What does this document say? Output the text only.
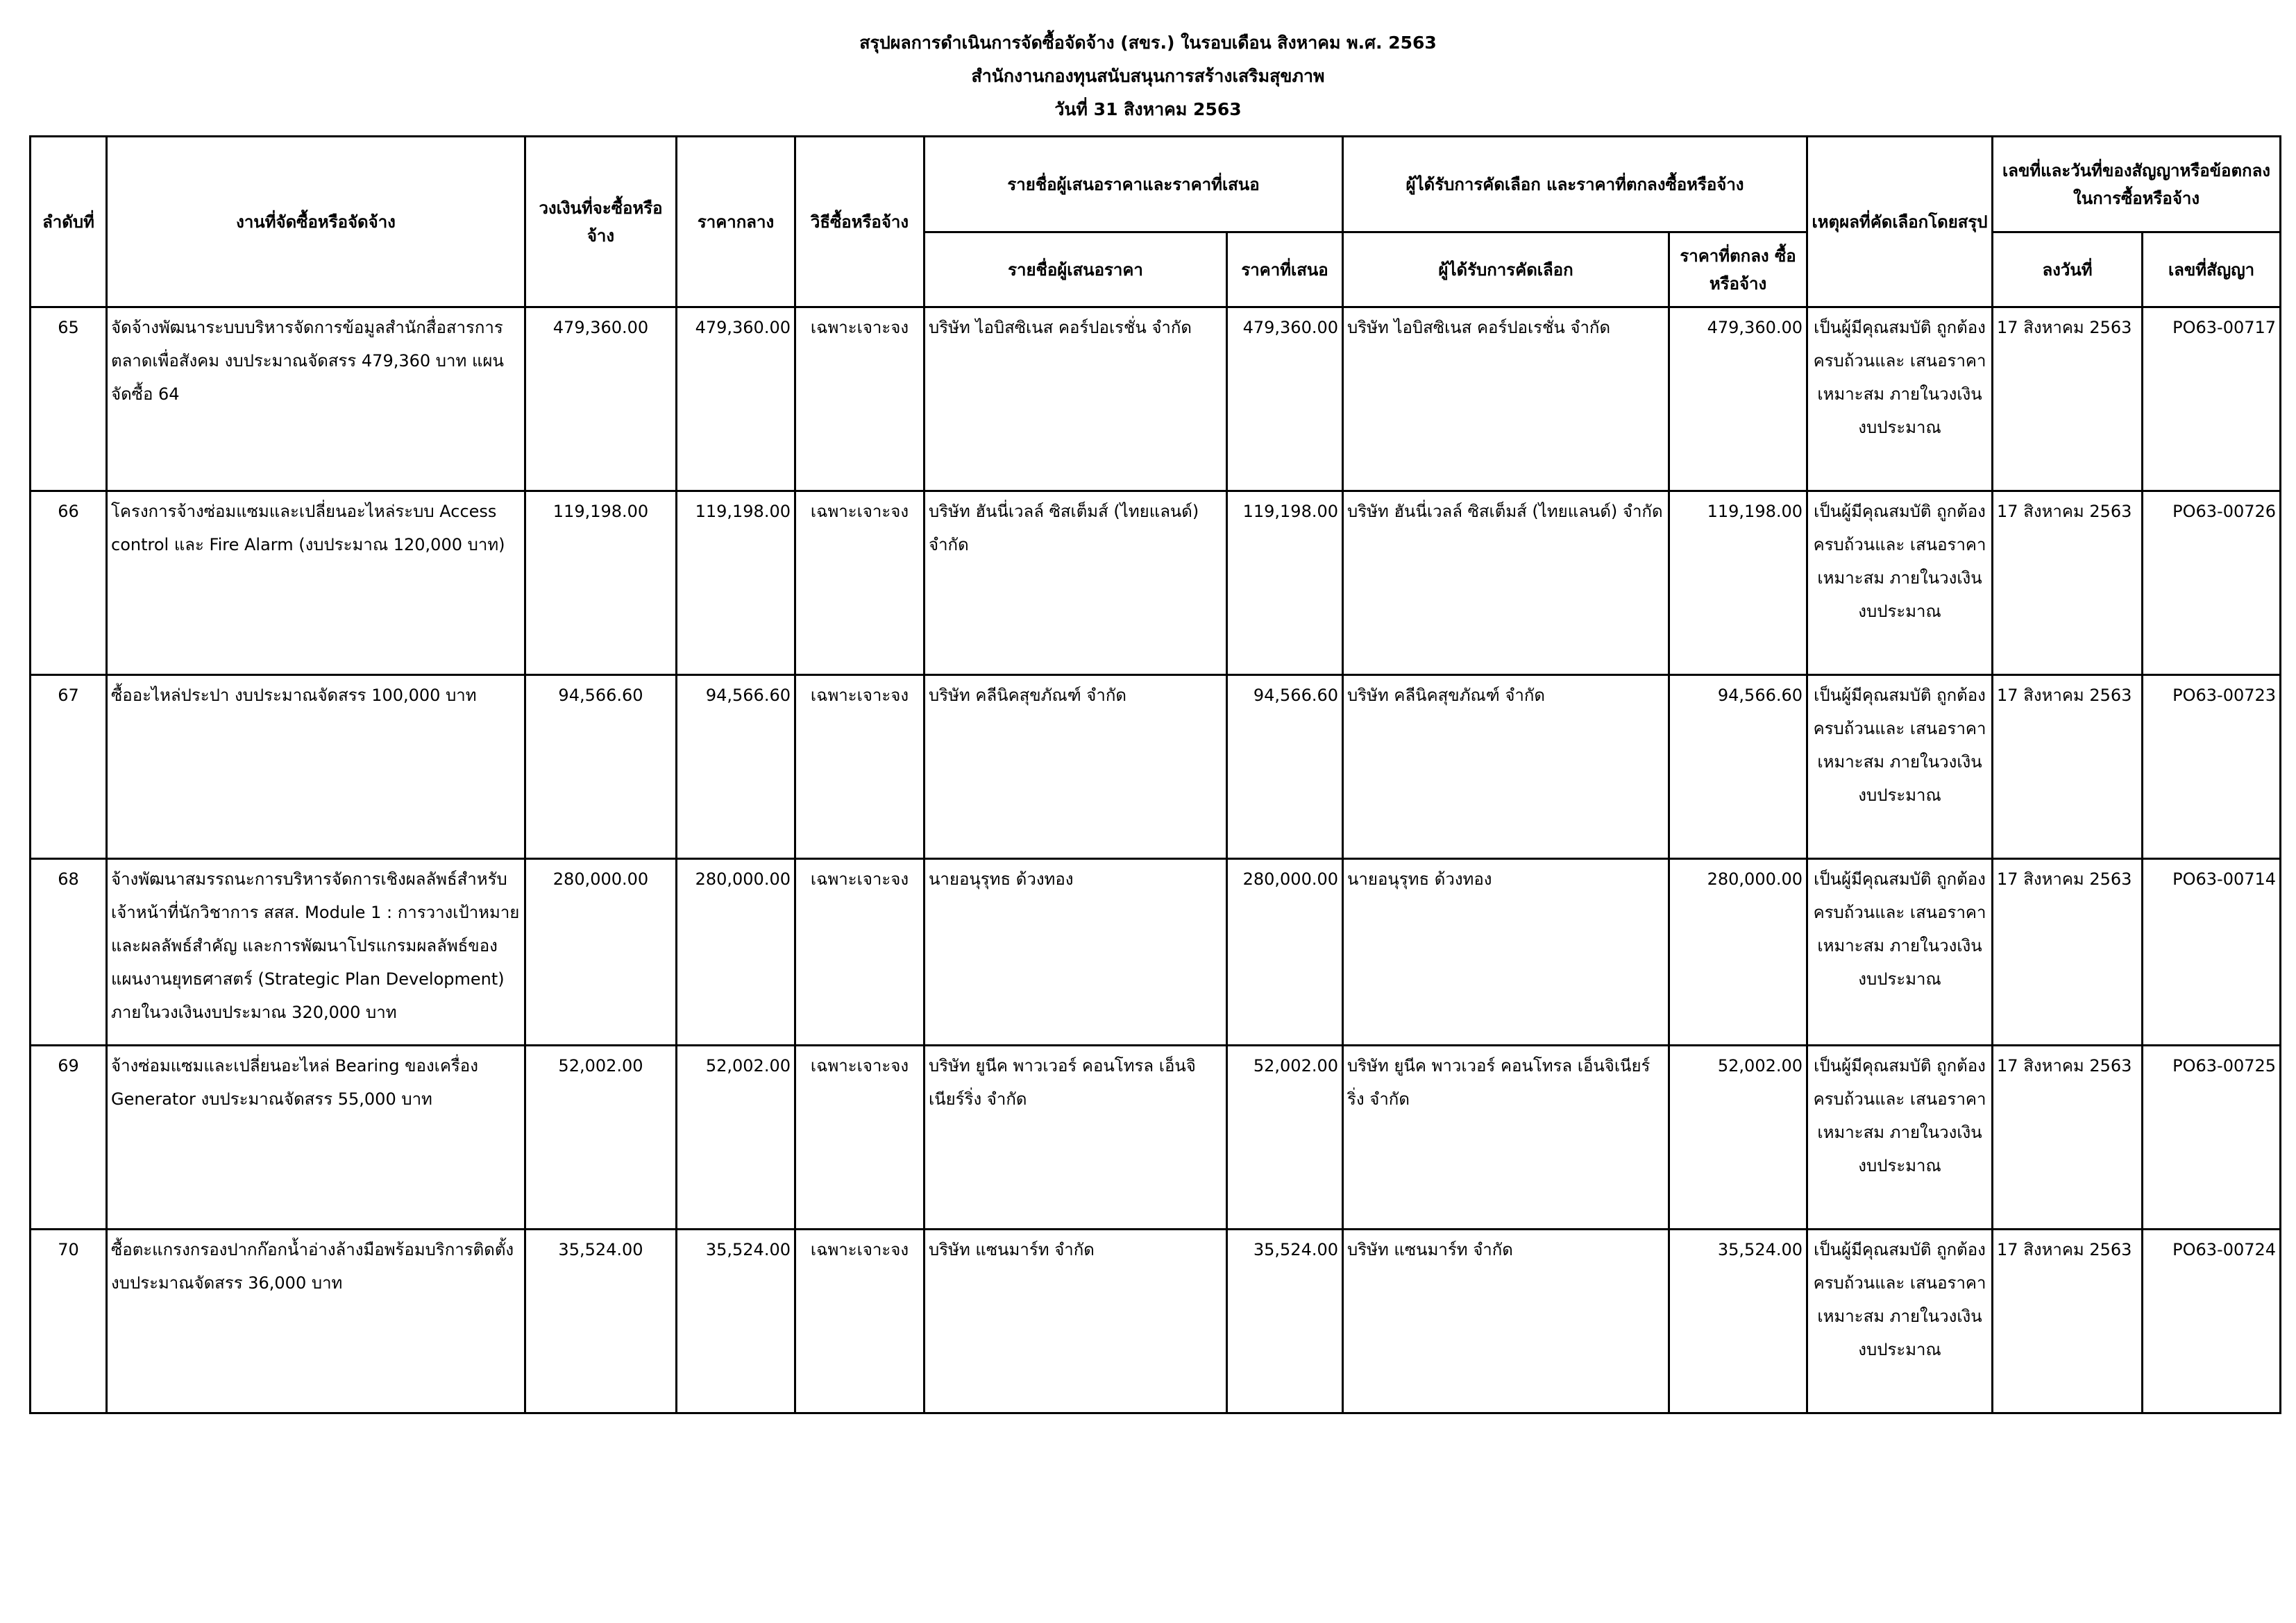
สรุปผลการดำเนินการจัดซื้อจัดจ้าง (สขร.) ในรอบเดือน สิงหาคม พ.ศ. 2563
สำนักงานกองทุนสนับสนุนการสร้างเสริมสุขภาพ
วันที่ 31 สิงหาคม 2563
ลำดับที่	งานที่จัดซื้อหรือจัดจ้าง	วงเงินที่จะซื้อหรือจ้าง	ราคากลาง	วิธีซื้อหรือจ้าง	รายชื่อผู้เสนอราคาและราคาที่เสนอ		ผู้ได้รับการคัดเลือก และราคาที่ตกลงซื้อหรือจ้าง		เหตุผลที่คัดเลือกโดยสรุป	เลขที่และวันที่ของสัญญาหรือข้อตกลงในการซื้อหรือจ้าง	
					รายชื่อผู้เสนอราคา	ราคาที่เสนอ	ผู้ได้รับการคัดเลือก	ราคาที่ตกลง ซื้อหรือจ้าง		ลงวันที่	เลขที่สัญญา
65	จัดจ้างพัฒนาระบบบริหารจัดการข้อมูลสำนักสื่อสารการตลาดเพื่อสังคม งบประมาณจัดสรร 479,360 บาท แผนจัดซื้อ 64	479,360.00	479,360.00	เฉพาะเจาะจง	บริษัท ไอบิสซิเนส คอร์ปอเรชั่น จำกัด	479,360.00	บริษัท ไอบิสซิเนส คอร์ปอเรชั่น จำกัด	479,360.00	เป็นผู้มีคุณสมบัติ ถูกต้องครบถ้วนและ เสนอราคาเหมาะสม ภายในวงเงินงบประมาณ	17 สิงหาคม 2563	PO63-00717
66	โครงการจ้างซ่อมแซมและเปลี่ยนอะไหล่ระบบ Access control และ Fire Alarm (งบประมาณ 120,000 บาท)	119,198.00	119,198.00	เฉพาะเจาะจง	บริษัท ฮันนี่เวลล์ ซิสเต็มส์ (ไทยแลนด์) จำกัด	119,198.00	บริษัท ฮันนี่เวลล์ ซิสเต็มส์ (ไทยแลนด์) จำกัด	119,198.00	เป็นผู้มีคุณสมบัติ ถูกต้องครบถ้วนและ เสนอราคาเหมาะสม ภายในวงเงินงบประมาณ	17 สิงหาคม 2563	PO63-00726
67	ซื้ออะไหล่ประปา งบประมาณจัดสรร 100,000 บาท	94,566.60	94,566.60	เฉพาะเจาะจง	บริษัท คลีนิคสุขภัณฑ์ จำกัด	94,566.60	บริษัท คลีนิคสุขภัณฑ์ จำกัด	94,566.60	เป็นผู้มีคุณสมบัติ ถูกต้องครบถ้วนและ เสนอราคาเหมาะสม ภายในวงเงินงบประมาณ	17 สิงหาคม 2563	PO63-00723
68	จ้างพัฒนาสมรรถนะการบริหารจัดการเชิงผลลัพธ์สำหรับเจ้าหน้าที่นักวิชาการ สสส. Module 1 : การวางเป้าหมายและผลลัพธ์สำคัญ และการพัฒนาโปรแกรมผลลัพธ์ของแผนงานยุทธศาสตร์ (Strategic Plan Development) ภายในวงเงินงบประมาณ 320,000 บาท	280,000.00	280,000.00	เฉพาะเจาะจง	นายอนุรุทธ ด้วงทอง	280,000.00	นายอนุรุทธ ด้วงทอง	280,000.00	เป็นผู้มีคุณสมบัติ ถูกต้องครบถ้วนและ เสนอราคาเหมาะสม ภายในวงเงินงบประมาณ	17 สิงหาคม 2563	PO63-00714
69	จ้างซ่อมแซมและเปลี่ยนอะไหล่ Bearing ของเครื่อง Generator งบประมาณจัดสรร 55,000 บาท	52,002.00	52,002.00	เฉพาะเจาะจง	บริษัท ยูนีค พาวเวอร์ คอนโทรล เอ็นจิเนียร์ริ่ง จำกัด	52,002.00	บริษัท ยูนีค พาวเวอร์ คอนโทรล เอ็นจิเนียร์ริ่ง จำกัด	52,002.00	เป็นผู้มีคุณสมบัติ ถูกต้องครบถ้วนและ เสนอราคาเหมาะสม ภายในวงเงินงบประมาณ	17 สิงหาคม 2563	PO63-00725
70	ซื้อตะแกรงกรองปากก๊อกน้ำอ่างล้างมือพร้อมบริการติดตั้ง งบประมาณจัดสรร 36,000 บาท	35,524.00	35,524.00	เฉพาะเจาะจง	บริษัท แซนมาร์ท จำกัด	35,524.00	บริษัท แซนมาร์ท จำกัด	35,524.00	เป็นผู้มีคุณสมบัติ ถูกต้องครบถ้วนและ เสนอราคาเหมาะสม ภายในวงเงินงบประมาณ	17 สิงหาคม 2563	PO63-00724
